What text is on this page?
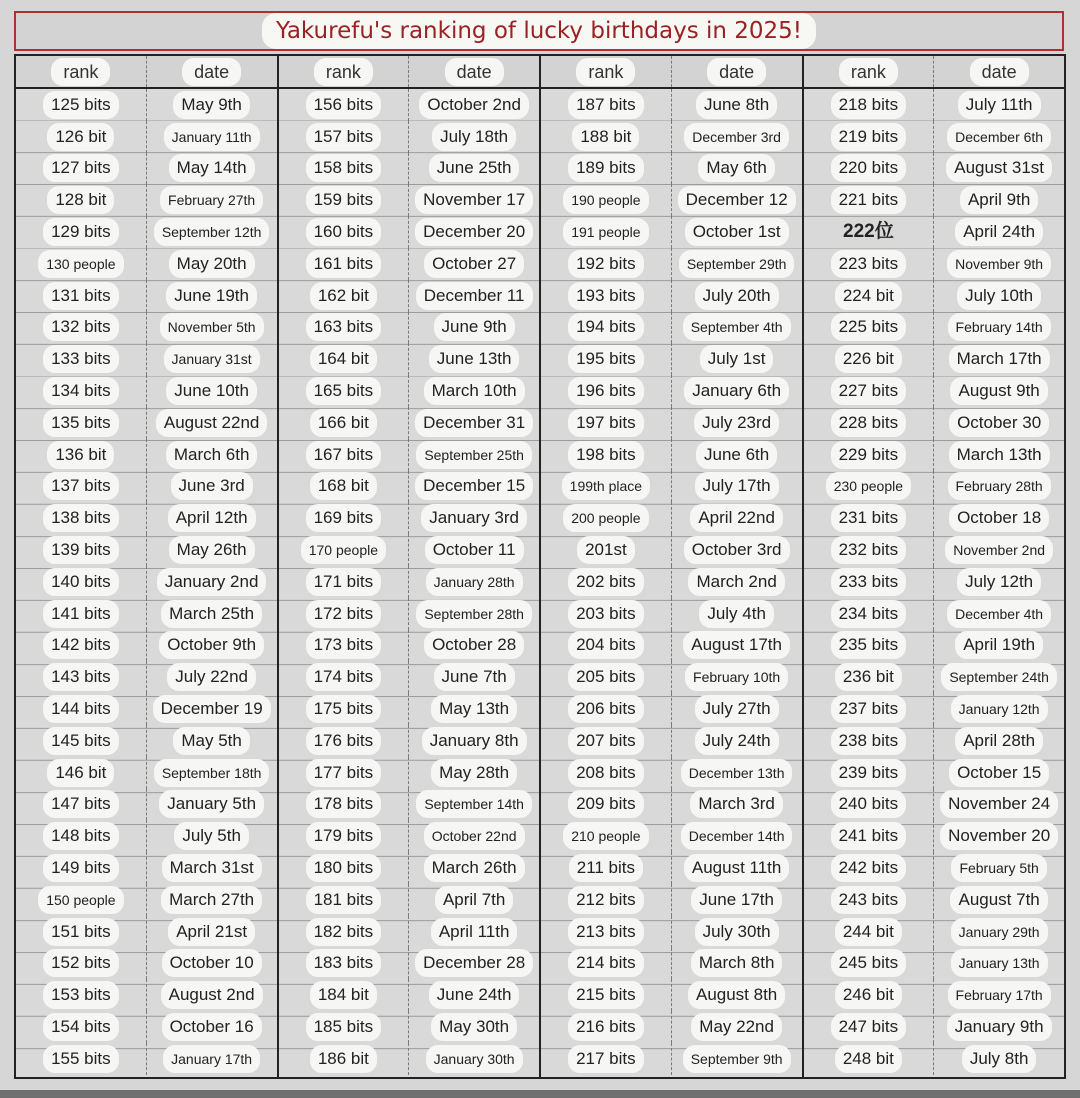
Yakurefu's ranking of lucky birthdays in 2025!
rank	date
125 bits	May 9th
126 bit	January 11th
127 bits	May 14th
128 bit	February 27th
129 bits	September 12th
130 people	May 20th
131 bits	June 19th
132 bits	November 5th
133 bits	January 31st
134 bits	June 10th
135 bits	August 22nd
136 bit	March 6th
137 bits	June 3rd
138 bits	April 12th
139 bits	May 26th
140 bits	January 2nd
141 bits	March 25th
142 bits	October 9th
143 bits	July 22nd
144 bits	December 19
145 bits	May 5th
146 bit	September 18th
147 bits	January 5th
148 bits	July 5th
149 bits	March 31st
150 people	March 27th
151 bits	April 21st
152 bits	October 10
153 bits	August 2nd
154 bits	October 16
155 bits	January 17th
rank	date
156 bits	October 2nd
157 bits	July 18th
158 bits	June 25th
159 bits	November 17
160 bits	December 20
161 bits	October 27
162 bit	December 11
163 bits	June 9th
164 bit	June 13th
165 bits	March 10th
166 bit	December 31
167 bits	September 25th
168 bit	December 15
169 bits	January 3rd
170 people	October 11
171 bits	January 28th
172 bits	September 28th
173 bits	October 28
174 bits	June 7th
175 bits	May 13th
176 bits	January 8th
177 bits	May 28th
178 bits	September 14th
179 bits	October 22nd
180 bits	March 26th
181 bits	April 7th
182 bits	April 11th
183 bits	December 28
184 bit	June 24th
185 bits	May 30th
186 bit	January 30th
rank	date
187 bits	June 8th
188 bit	December 3rd
189 bits	May 6th
190 people	December 12
191 people	October 1st
192 bits	September 29th
193 bits	July 20th
194 bits	September 4th
195 bits	July 1st
196 bits	January 6th
197 bits	July 23rd
198 bits	June 6th
199th place	July 17th
200 people	April 22nd
201st	October 3rd
202 bits	March 2nd
203 bits	July 4th
204 bits	August 17th
205 bits	February 10th
206 bits	July 27th
207 bits	July 24th
208 bits	December 13th
209 bits	March 3rd
210 people	December 14th
211 bits	August 11th
212 bits	June 17th
213 bits	July 30th
214 bits	March 8th
215 bits	August 8th
216 bits	May 22nd
217 bits	September 9th
rank	date
218 bits	July 11th
219 bits	December 6th
220 bits	August 31st
221 bits	April 9th
222位	April 24th
223 bits	November 9th
224 bit	July 10th
225 bits	February 14th
226 bit	March 17th
227 bits	August 9th
228 bits	October 30
229 bits	March 13th
230 people	February 28th
231 bits	October 18
232 bits	November 2nd
233 bits	July 12th
234 bits	December 4th
235 bits	April 19th
236 bit	September 24th
237 bits	January 12th
238 bits	April 28th
239 bits	October 15
240 bits	November 24
241 bits	November 20
242 bits	February 5th
243 bits	August 7th
244 bit	January 29th
245 bits	January 13th
246 bit	February 17th
247 bits	January 9th
248 bit	July 8th
